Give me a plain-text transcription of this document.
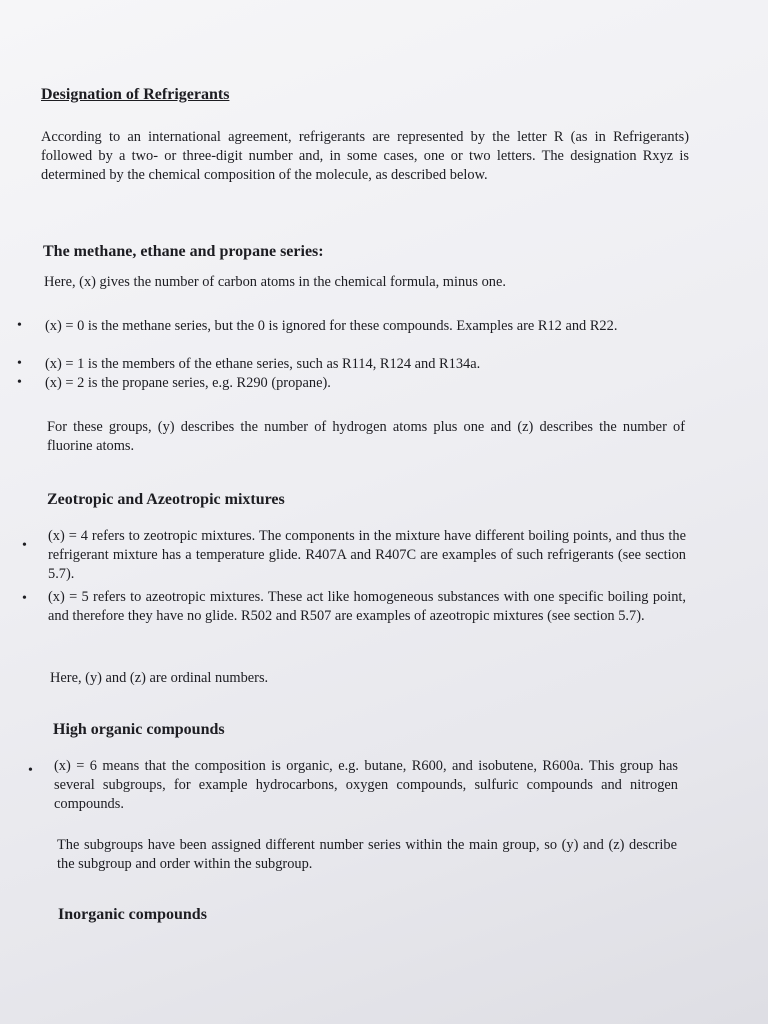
Designation of Refrigerants
According to an international agreement, refrigerants are represented by the letter R (as in Refrigerants) followed by a two- or three-digit number and, in some cases, one or two letters. The designation Rxyz is determined by the chemical composition of the molecule, as described below.
The methane, ethane and propane series:
Here, (x) gives the number of carbon atoms in the chemical formula, minus one.
• (x) = 0 is the methane series, but the 0 is ignored for these compounds. Examples are R12 and R22.
• (x) = 1 is the members of the ethane series, such as R114, R124 and R134a.
• (x) = 2 is the propane series, e.g. R290 (propane).
For these groups, (y) describes the number of hydrogen atoms plus one and (z) describes the number of fluorine atoms.
Zeotropic and Azeotropic mixtures
•
(x) = 4 refers to zeotropic mixtures. The components in the mixture have different boiling points, and thus the refrigerant mixture has a temperature glide. R407A and R407C are examples of such refrigerants (see section 5.7).
• (x) = 5 refers to azeotropic mixtures. These act like homogeneous substances with one specific boiling point, and therefore they have no glide. R502 and R507 are examples of azeotropic mixtures (see section 5.7).
Here, (y) and (z) are ordinal numbers.
High organic compounds
• (x) = 6 means that the composition is organic, e.g. butane, R600, and isobutene, R600a. This group has several subgroups, for example hydrocarbons, oxygen compounds, sulfuric compounds and nitrogen compounds.
The subgroups have been assigned different number series within the main group, so (y) and (z) describe the subgroup and order within the subgroup.
Inorganic compounds
